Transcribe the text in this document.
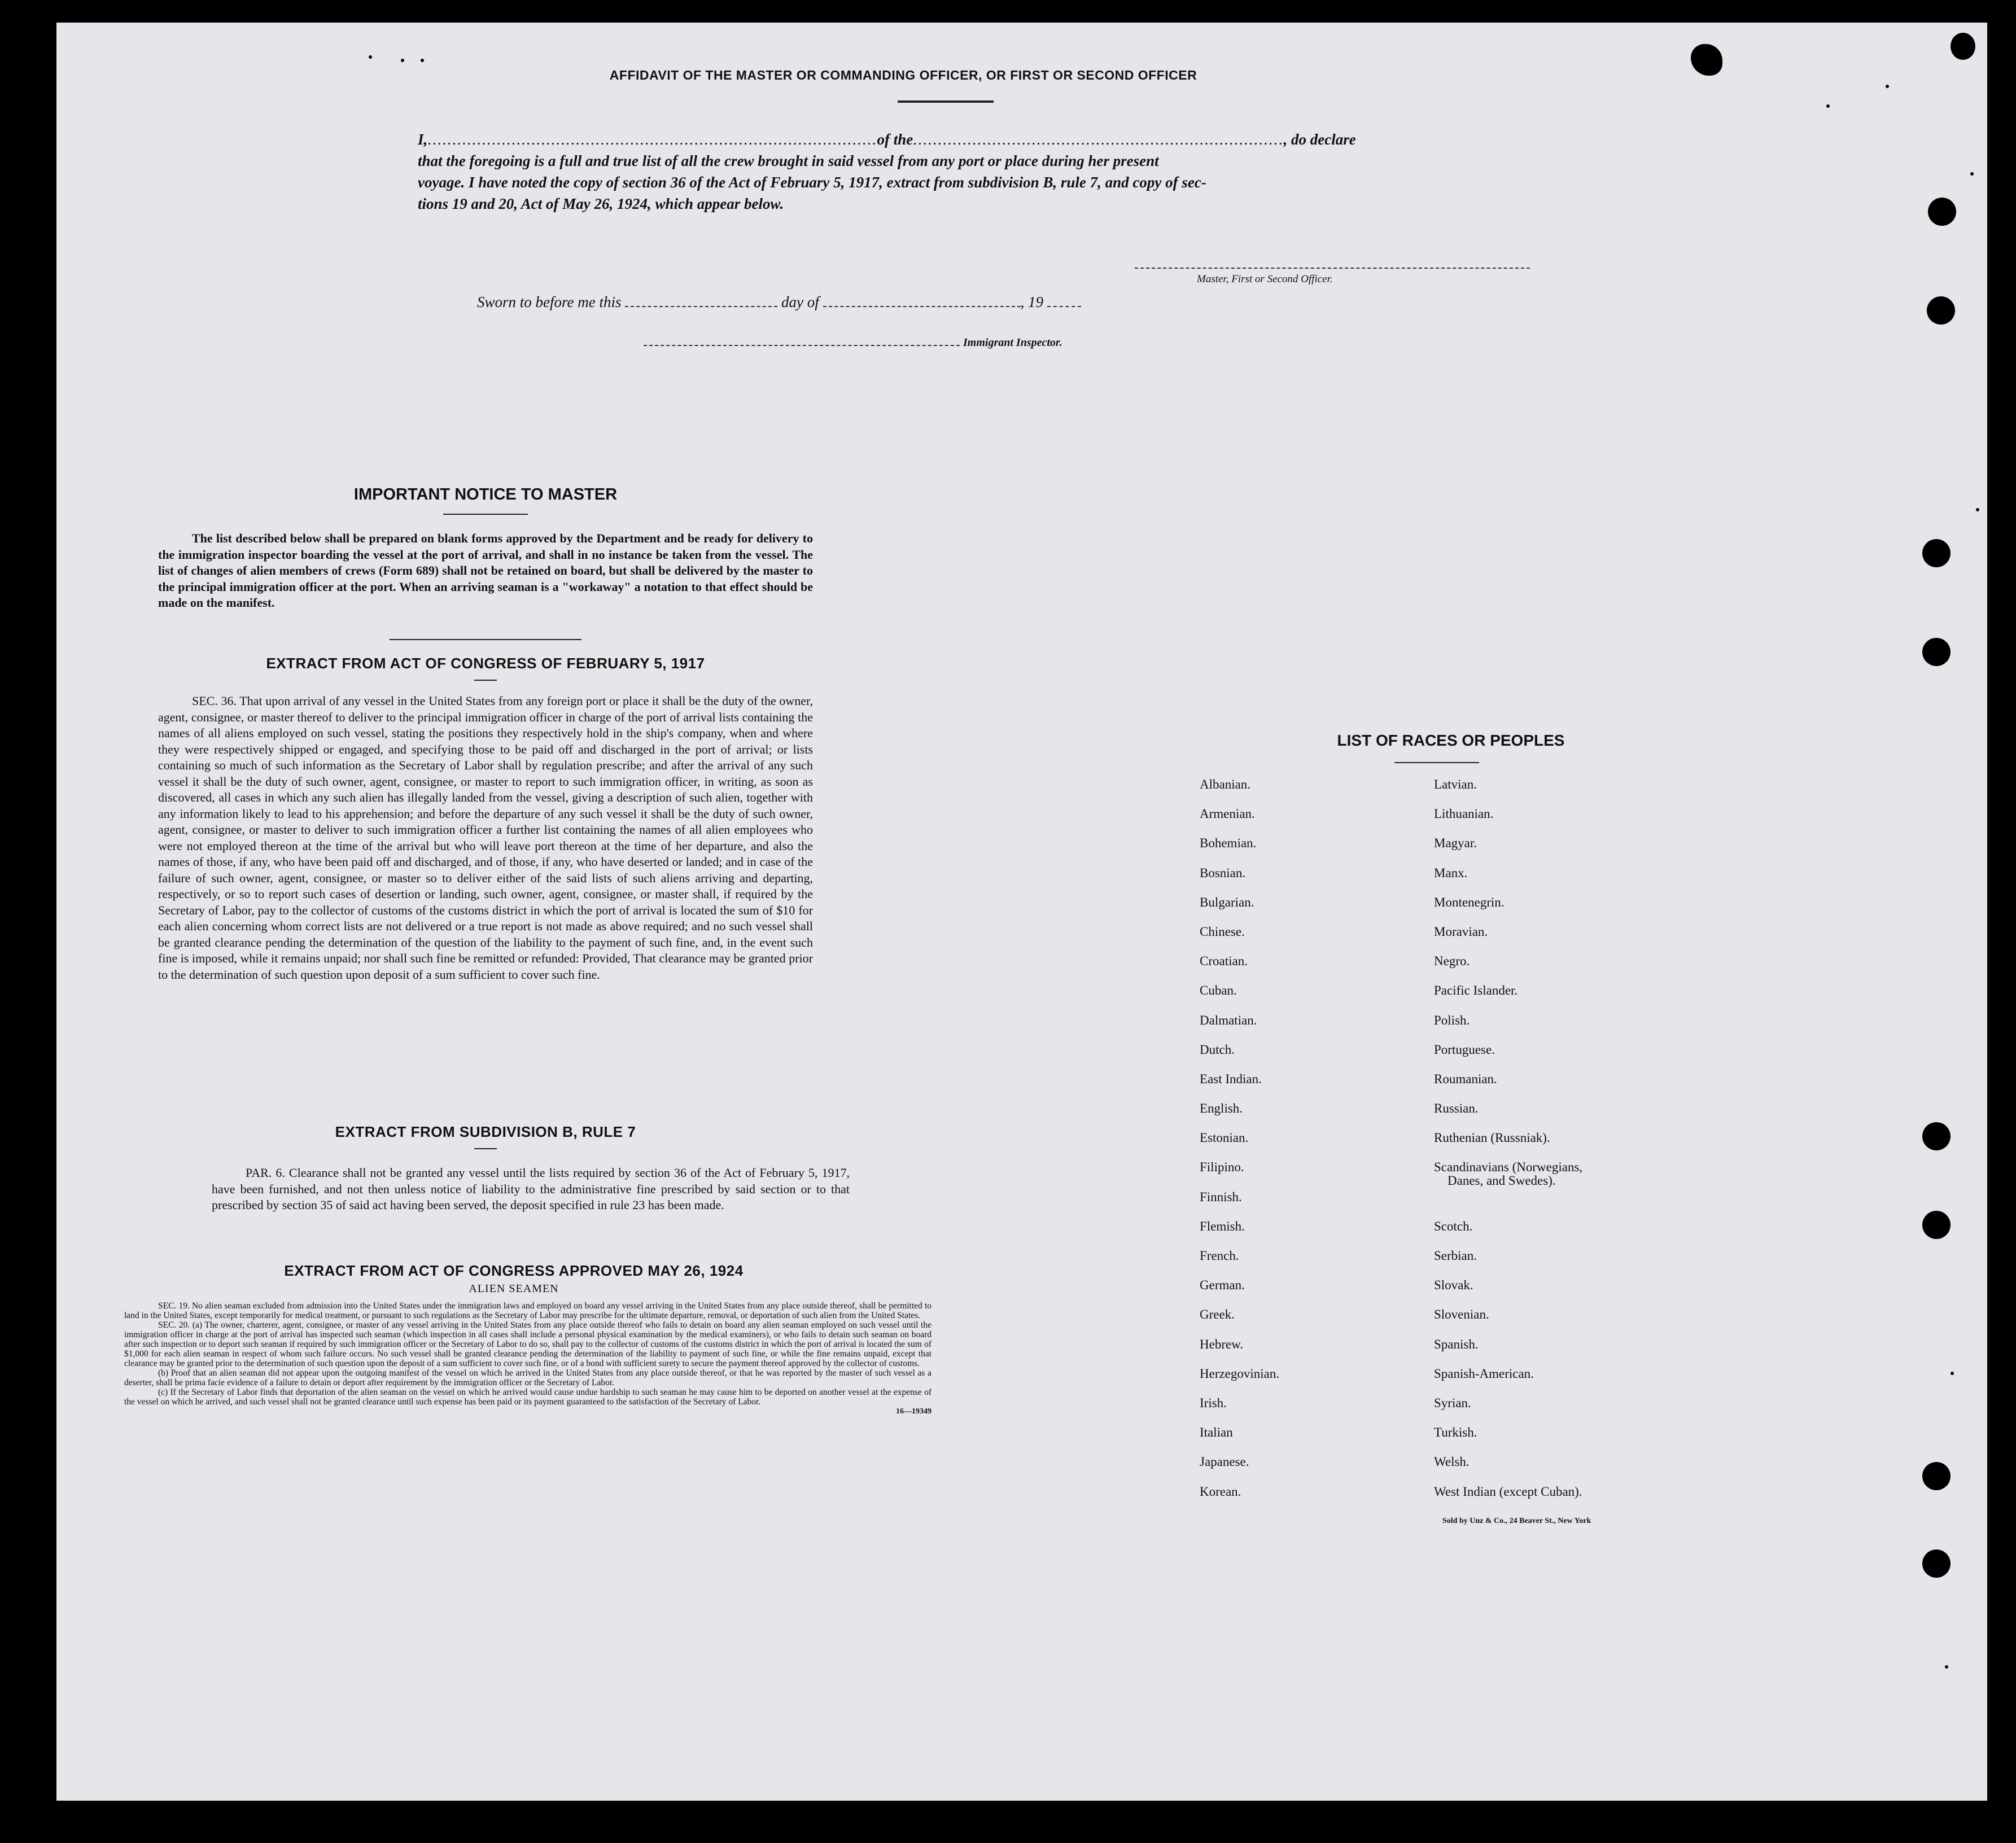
AFFIDAVIT OF THE MASTER OR COMMANDING OFFICER, OR FIRST OR SECOND OFFICER
I,...........................................................................................of the..........................................................................., do declare
that the foregoing is a full and true list of all the crew brought in said vessel from any port or place during her present
voyage. I have noted the copy of section 36 of the Act of February 5, 1917, extract from subdivision B, rule 7, and copy of sec-
tions 19 and 20, Act of May 26, 1924, which appear below.
Master, First or Second Officer.
Sworn to before me this	day of	, 19
Immigrant Inspector.
IMPORTANT NOTICE TO MASTER
The list described below shall be prepared on blank forms approved by the Department and be ready for delivery to the immigration inspector boarding the vessel at the port of arrival, and shall in no instance be taken from the vessel. The list of changes of alien members of crews (Form 689) shall not be retained on board, but shall be delivered by the master to the principal immigration officer at the port. When an arriving seaman is a "workaway" a notation to that effect should be made on the manifest.
EXTRACT FROM ACT OF CONGRESS OF FEBRUARY 5, 1917
SEC. 36. That upon arrival of any vessel in the United States from any foreign port or place it shall be the duty of the owner, agent, consignee, or master thereof to deliver to the principal immigration officer in charge of the port of arrival lists containing the names of all aliens employed on such vessel, stating the positions they respectively hold in the ship's company, when and where they were respectively shipped or engaged, and specifying those to be paid off and discharged in the port of arrival; or lists containing so much of such information as the Secretary of Labor shall by regulation prescribe; and after the arrival of any such vessel it shall be the duty of such owner, agent, consignee, or master to report to such immigration officer, in writing, as soon as discovered, all cases in which any such alien has illegally landed from the vessel, giving a description of such alien, together with any information likely to lead to his apprehension; and before the departure of any such vessel it shall be the duty of such owner, agent, consignee, or master to deliver to such immigration officer a further list containing the names of all alien employees who were not employed thereon at the time of the arrival but who will leave port thereon at the time of her departure, and also the names of those, if any, who have been paid off and discharged, and of those, if any, who have deserted or landed; and in case of the failure of such owner, agent, consignee, or master so to deliver either of the said lists of such aliens arriving and departing, respectively, or so to report such cases of desertion or landing, such owner, agent, consignee, or master shall, if required by the Secretary of Labor, pay to the collector of customs of the customs district in which the port of arrival is located the sum of $10 for each alien concerning whom correct lists are not delivered or a true report is not made as above required; and no such vessel shall be granted clearance pending the determination of the question of the liability to the payment of such fine, and, in the event such fine is imposed, while it remains unpaid; nor shall such fine be remitted or refunded: Provided, That clearance may be granted prior to the determination of such question upon deposit of a sum sufficient to cover such fine.
EXTRACT FROM SUBDIVISION B, RULE 7
PAR. 6. Clearance shall not be granted any vessel until the lists required by section 36 of the Act of February 5, 1917, have been furnished, and not then unless notice of liability to the administrative fine prescribed by said section or to that prescribed by section 35 of said act having been served, the deposit specified in rule 23 has been made.
EXTRACT FROM ACT OF CONGRESS APPROVED MAY 26, 1924
ALIEN SEAMEN

SEC. 19. No alien seaman excluded from admission into the United States under the immigration laws and employed on board any vessel arriving in the United States from any place outside thereof, shall be permitted to land in the United States, except temporarily for medical treatment, or pursuant to such regulations as the Secretary of Labor may prescribe for the ultimate departure, removal, or deportation of such alien from the United States.

SEC. 20. (a) The owner, charterer, agent, consignee, or master of any vessel arriving in the United States from any place outside thereof who fails to detain on board any alien seaman employed on such vessel until the immigration officer in charge at the port of arrival has inspected such seaman (which inspection in all cases shall include a personal physical examination by the medical examiners), or who fails to detain such seaman on board after such inspection or to deport such seaman if required by such immigration officer or the Secretary of Labor to do so, shall pay to the collector of customs of the customs district in which the port of arrival is located the sum of $1,000 for each alien seaman in respect of whom such failure occurs. No such vessel shall be granted clearance pending the determination of the liability to payment of such fine, or while the fine remains unpaid, except that clearance may be granted prior to the determination of such question upon the deposit of a sum sufficient to cover such fine, or of a bond with sufficient surety to secure the payment thereof approved by the collector of customs.

(b) Proof that an alien seaman did not appear upon the outgoing manifest of the vessel on which he arrived in the United States from any place outside thereof, or that he was reported by the master of such vessel as a deserter, shall be prima facie evidence of a failure to detain or deport after requirement by the immigration officer or the Secretary of Labor.

(c) If the Secretary of Labor finds that deportation of the alien seaman on the vessel on which he arrived would cause undue hardship to such seaman he may cause him to be deported on another vessel at the expense of the vessel on which he arrived, and such vessel shall not be granted clearance until such expense has been paid or its payment guaranteed to the satisfaction of the Secretary of Labor.

16—19349
LIST OF RACES OR PEOPLES
Albanian.
Armenian.
Bohemian.
Bosnian.
Bulgarian.
Chinese.
Croatian.
Cuban.
Dalmatian.
Dutch.
East Indian.
English.
Estonian.
Filipino.
Finnish.
Flemish.
French.
German.
Greek.
Hebrew.
Herzegovinian.
Irish.
Italian
Japanese.
Korean.
Latvian.
Lithuanian.
Magyar.
Manx.
Montenegrin.
Moravian.
Negro.
Pacific Islander.
Polish.
Portuguese.
Roumanian.
Russian.
Ruthenian (Russniak).
Scandinavians (Norwegians,
Danes, and Swedes).
Scotch.
Serbian.
Slovak.
Slovenian.
Spanish.
Spanish-American.
Syrian.
Turkish.
Welsh.
West Indian (except Cuban).
Sold by Unz & Co., 24 Beaver St., New York
